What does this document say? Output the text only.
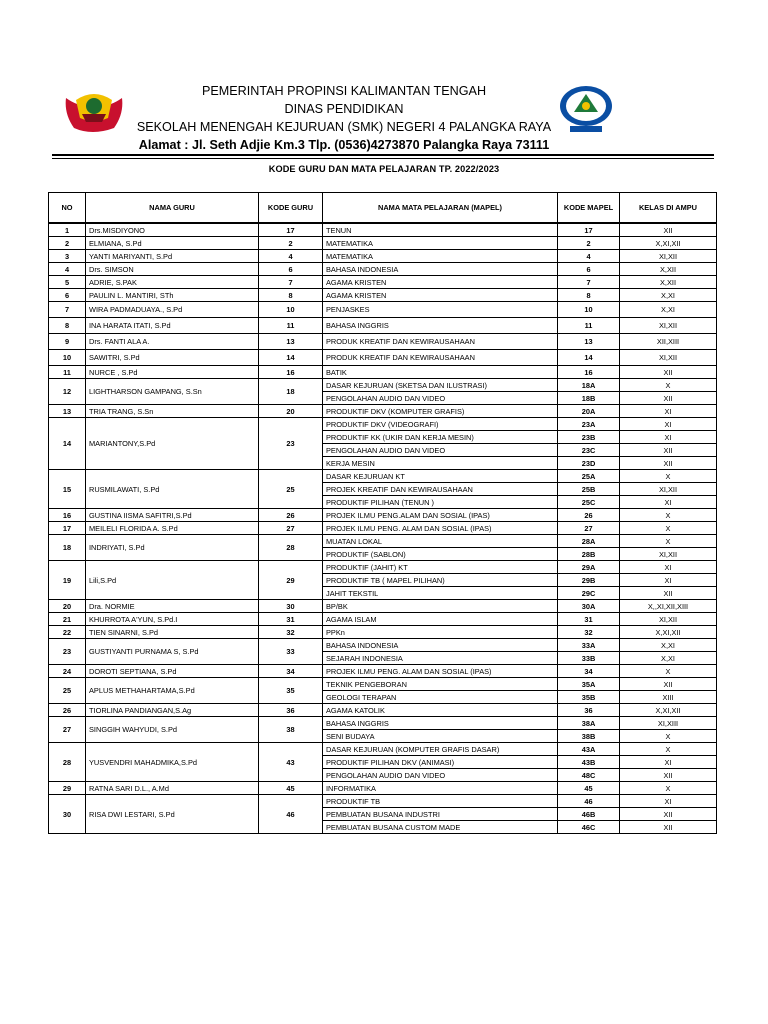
PEMERINTAH PROPINSI KALIMANTAN TENGAH
DINAS PENDIDIKAN
SEKOLAH MENENGAH KEJURUAN (SMK) NEGERI 4 PALANGKA RAYA
Alamat : Jl. Seth Adjie Km.3 Tlp. (0536)4273870 Palangka Raya 73111
KODE GURU DAN MATA PELAJARAN TP. 2022/2023
NO	NAMA GURU	KODE GURU	NAMA MATA PELAJARAN (MAPEL)	KODE MAPEL	KELAS DI AMPU
1	Drs.MISDIYONO	17	TENUN	17	XII
2	ELMIANA, S.Pd	2	MATEMATIKA	2	X,XI,XII
3	YANTI MARIYANTI, S.Pd	4	MATEMATIKA	4	XI,XII
4	Drs. SIMSON	6	BAHASA INDONESIA	6	X,XII
5	ADRIE, S.PAK	7	AGAMA KRISTEN	7	X,XII
6	PAULIN L. MANTIRI, STh	8	AGAMA KRISTEN	8	X,XI
7	WIRA PADMADUAYA., S.Pd	10	PENJASKES	10	X,XI
8	INA HARATA ITATI, S.Pd	11	BAHASA INGGRIS	11	XI,XII
9	Drs. FANTI ALA A.	13	PRODUK KREATIF DAN KEWIRAUSAHAAN	13	XII,XIII
10	SAWITRI, S.Pd	14	PRODUK KREATIF DAN KEWIRAUSAHAAN	14	XI,XII
11	NURCE , S.Pd	16	BATIK	16	XII
12	LIGHTHARSON GAMPANG, S.Sn	18	DASAR KEJURUAN (SKETSA DAN ILUSTRASI)	18A	X
			PENGOLAHAN AUDIO DAN VIDEO	18B	XII
13	TRIA TRANG, S.Sn	20	PRODUKTIF DKV (KOMPUTER GRAFIS)	20A	XI
14	MARIANTONY,S.Pd	23	PRODUKTIF DKV (VIDEOGRAFI)	23A	XI
			PRODUKTIF KK (UKIR DAN KERJA MESIN)	23B	XI
			PENGOLAHAN AUDIO DAN VIDEO	23C	XII
			KERJA MESIN	23D	XII
15	RUSMILAWATI, S.Pd	25	DASAR KEJURUAN KT	25A	X
			PROJEK KREATIF DAN KEWIRAUSAHAAN	25B	XI,XII
			PRODUKTIF PILIHAN (TENUN )	25C	XI
16	GUSTINA IISMA SAFITRI,S.Pd	26	PROJEK ILMU PENG.ALAM DAN SOSIAL (IPAS)	26	X
17	MEILELI FLORIDA A. S.Pd	27	PROJEK ILMU PENG. ALAM DAN SOSIAL (IPAS)	27	X
18	INDRIYATI, S.Pd	28	MUATAN LOKAL	28A	X
			PRODUKTIF (SABLON)	28B	XI,XII
19	Lili,S.Pd	29	PRODUKTIF (JAHIT) KT	29A	XI
			PRODUKTIF TB ( MAPEL PILIHAN)	29B	XI
			JAHIT TEKSTIL	29C	XII
20	Dra. NORMIE	30	BP/BK	30A	X,,XI,XII,XIII
21	KHURROTA A'YUN, S.Pd.I	31	AGAMA ISLAM	31	XI,XII
22	TIEN SINARNI, S.Pd	32	PPKn	32	X,XI,XII
23	GUSTIYANTI PURNAMA S, S.Pd	33	BAHASA INDONESIA	33A	X,XI
			SEJARAH INDONESIA	33B	X,XI
24	DOROTI SEPTIANA, S.Pd	34	PROJEK ILMU PENG. ALAM DAN SOSIAL (IPAS)	34	X
25	APLUS METHAHARTAMA,S.Pd	35	TEKNIK PENGEBORAN	35A	XII
			GEOLOGI TERAPAN	35B	XIII
26	TIORLINA PANDIANGAN,S.Ag	36	AGAMA KATOLIK	36	X,XI,XII
27	SINGGIH WAHYUDI, S.Pd	38	BAHASA INGGRIS	38A	XI,XIII
			SENI BUDAYA	38B	X
28	YUSVENDRI MAHADMIKA,S.Pd	43	DASAR KEJURUAN (KOMPUTER GRAFIS DASAR)	43A	X
			PRODUKTIF PILIHAN DKV (ANIMASI)	43B	XI
			PENGOLAHAN AUDIO DAN VIDEO	48C	XII
29	RATNA SARI D.L., A.Md	45	INFORMATIKA	45	X
30	RISA DWI LESTARI, S.Pd	46	PRODUKTIF TB	46	XI
			PEMBUATAN BUSANA INDUSTRI	46B	XII
			PEMBUATAN BUSANA CUSTOM MADE	46C	XII
